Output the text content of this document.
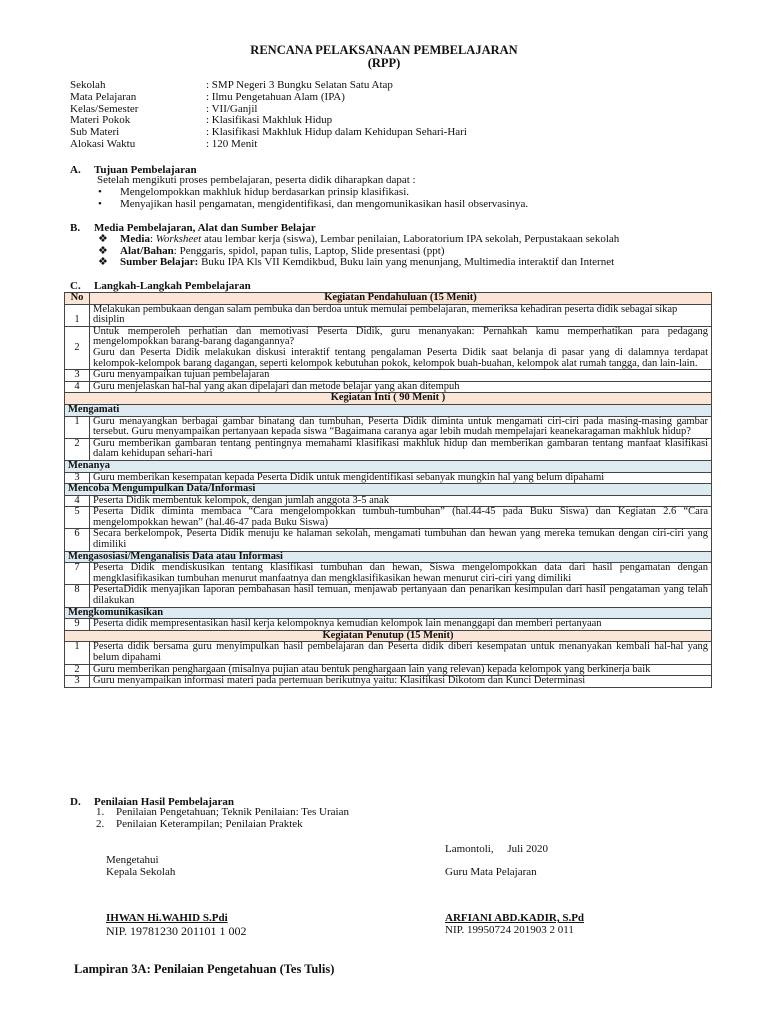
RENCANA PELAKSANAAN PEMBELAJARAN
(RPP)
Sekolah	: SMP Negeri 3 Bungku Selatan Satu Atap
Mata Pelajaran	: Ilmu Pengetahuan Alam (IPA)
Kelas/Semester	: VII/Ganjil
Materi Pokok	: Klasifikasi Makhluk Hidup
Sub Materi	: Klasifikasi Makhluk Hidup dalam Kehidupan Sehari-Hari
Alokasi Waktu	: 120 Menit
A. Tujuan Pembelajaran
Setelah mengikuti proses pembelajaran, peserta didik diharapkan dapat :
•	Mengelompokkan makhluk hidup berdasarkan prinsip klasifikasi.
•	Menyajikan hasil pengamatan, mengidentifikasi, dan mengomunikasikan hasil observasinya.
B. Media Pembelajaran, Alat dan Sumber Belajar
❖	Media: Worksheet atau lembar kerja (siswa), Lembar penilaian, Laboratorium IPA sekolah, Perpustakaan sekolah
❖	Alat/Bahan: Penggaris, spidol, papan tulis, Laptop, Slide presentasi (ppt)
❖	Sumber Belajar: Buku IPA Kls VII Kemdikbud, Buku lain yang menunjang, Multimedia interaktif dan Internet
C. Langkah-Langkah Pembelajaran
No	Kegiatan Pendahuluan (15 Menit)
1	Melakukan pembukaan dengan salam pembuka dan berdoa untuk memulai pembelajaran, memeriksa kehadiran peserta didik sebagai sikap disiplin
2	Untuk memperoleh perhatian dan memotivasi Peserta Didik, guru menanyakan: Pernahkah kamu memperhatikan para pedagang mengelompokkan barang-barang dagangannya?
Guru dan Peserta Didik melakukan diskusi interaktif tentang pengalaman Peserta Didik saat belanja di pasar yang di dalamnya terdapat kelompok-kelompok barang dagangan, seperti kelompok kebutuhan pokok, kelompok buah-buahan, kelompok alat rumah tangga, dan lain-lain.

3	Guru menyampaikan tujuan pembelajaran
4	Guru menjelaskan hal-hal yang akan dipelajari dan metode belajar yang akan ditempuh
Kegiatan Inti ( 90 Menit )	
Mengamati	
1	Guru menayangkan berbagai gambar binatang dan tumbuhan, Peserta Didik diminta untuk mengamati ciri-ciri pada masing-masing gambar tersebut. Guru menyampaikan pertanyaan kepada siswa “Bagaimana caranya agar lebih mudah mempelajari keanekaragaman makhluk hidup?
2	Guru memberikan gambaran tentang pentingnya memahami klasifikasi makhluk hidup dan memberikan gambaran tentang manfaat klasifikasi dalam kehidupan sehari-hari
Menanya	
3	Guru memberikan kesempatan kepada Peserta Didik untuk mengidentifikasi sebanyak mungkin hal yang belum dipahami
Mencoba Mengumpulkan Data/Informasi	
4	Peserta Didik membentuk kelompok, dengan jumlah anggota 3-5 anak
5	Peserta Didik diminta membaca “Cara mengelompokkan tumbuh-tumbuhan” (hal.44-45 pada Buku Siswa) dan Kegiatan 2.6 “Cara mengelompokkan hewan” (hal.46-47 pada Buku Siswa)
6	Secara berkelompok, Peserta Didik menuju ke halaman sekolah, mengamati tumbuhan dan hewan yang mereka temukan dengan ciri-ciri yang dimiliki
Mengasosiasi/Menganalisis Data atau Informasi	
7	Peserta Didik mendiskusikan tentang klasifikasi tumbuhan dan hewan, Siswa mengelompokkan data dari hasil pengamatan dengan mengklasifikasikan tumbuhan menurut manfaatnya dan mengklasifikasikan hewan menurut ciri-ciri yang dimiliki
8	PesertaDidik menyajikan laporan pembahasan hasil temuan, menjawab pertanyaan dan penarikan kesimpulan dari hasil pengataman yang telah dilakukan
Mengkomunikasikan	
9	Peserta didik mempresentasikan hasil kerja kelompoknya kemudian kelompok lain menanggapi dan memberi pertanyaan
Kegiatan Penutup (15 Menit)	
1	Peserta didik bersama guru menyimpulkan hasil pembelajaran dan Peserta didik diberi kesempatan untuk menanyakan kembali hal-hal yang belum dipahami
2	Guru memberikan penghargaan (misalnya pujian atau bentuk penghargaan lain yang relevan) kepada kelompok yang berkinerja baik
3	Guru menyampaikan informasi materi pada pertemuan berikutnya yaitu: Klasifikasi Dikotom dan Kunci Determinasi
D. Penilaian Hasil Pembelajaran
1.	Penilaian Pengetahuan; Teknik Penilaian: Tes Uraian
2.	Penilaian Keterampilan; Penilaian Praktek
Lamontoli,     Juli 2020
Mengetahui
Kepala Sekolah	Guru Mata Pelajaran
IHWAN Hi.WAHID S.Pdi
NIP. 19781230 201101 1 002
ARFIANI ABD.KADIR, S.Pd
NIP. 19950724 201903 2 011
Lampiran 3A: Penilaian Pengetahuan (Tes Tulis)
